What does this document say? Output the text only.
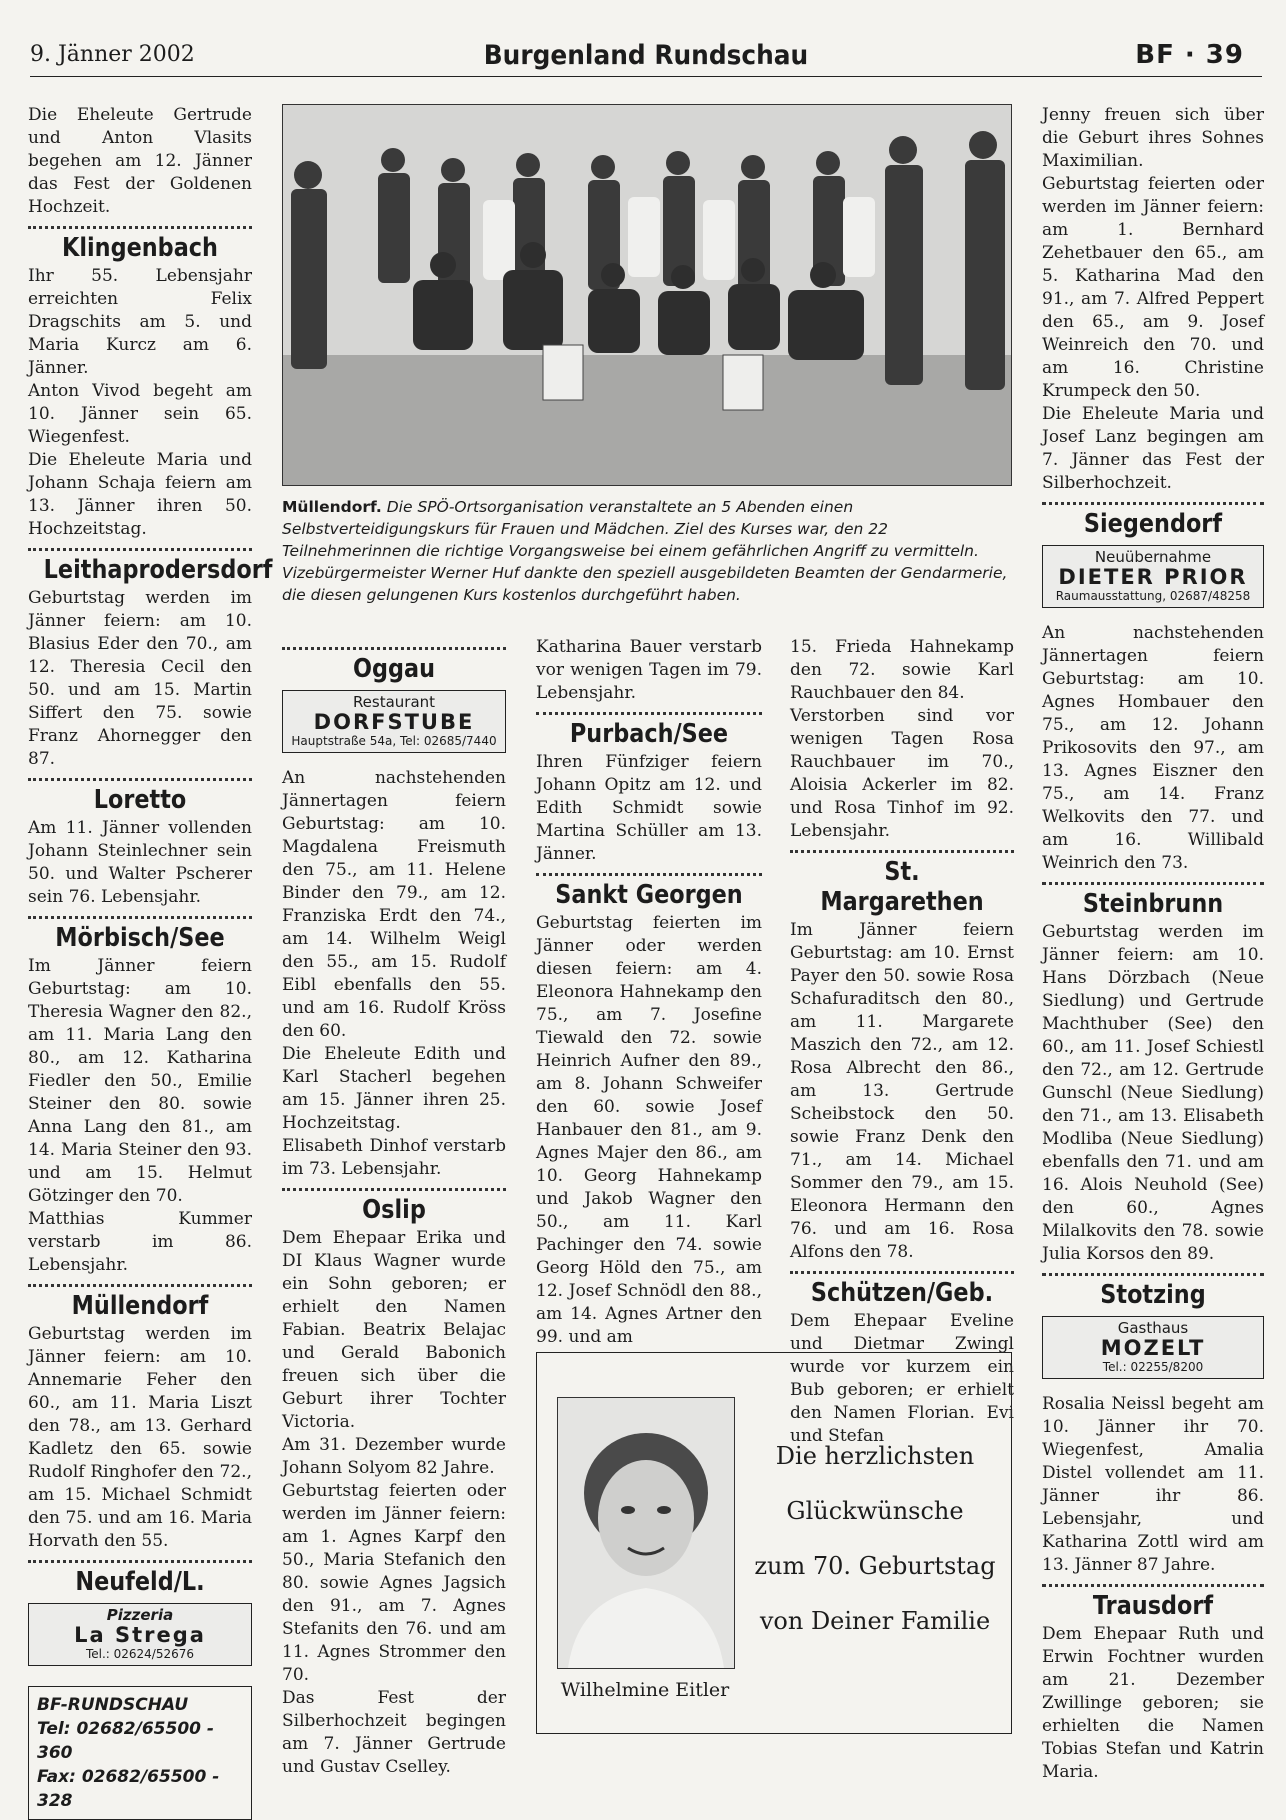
9. Jänner 2002	Burgenland Rundschau	BF · 39

Die Eheleute Gertrude und Anton Vlasits begehen am 12. Jänner das Fest der Goldenen Hochzeit.

Klingenbach

Ihr 55. Lebensjahr erreichten Felix Dragschits am 5. und Maria Kurcz am 6. Jänner.

Anton Vivod begeht am 10. Jänner sein 65. Wiegenfest.

Die Eheleute Maria und Johann Schaja feiern am 13. Jänner ihren 50. Hochzeitstag.

Leithaprodersdorf

Geburtstag werden im Jänner feiern: am 10. Blasius Eder den 70., am 12. Theresia Cecil den 50. und am 15. Martin Siffert den 75. sowie Franz Ahornegger den 87.

Loretto

Am 11. Jänner vollenden Johann Steinlechner sein 50. und Walter Pscherer sein 76. Lebensjahr.

Mörbisch/See

Im Jänner feiern Geburtstag: am 10. Theresia Wagner den 82., am 11. Maria Lang den 80., am 12. Katharina Fiedler den 50., Emilie Steiner den 80. sowie Anna Lang den 81., am 14. Maria Steiner den 93. und am 15. Helmut Götzinger den 70.

Matthias Kummer verstarb im 86. Lebensjahr.

Müllendorf

Geburtstag werden im Jänner feiern: am 10. Annemarie Feher den 60., am 11. Maria Liszt den 78., am 13. Gerhard Kadletz den 65. sowie Rudolf Ringhofer den 72., am 15. Michael Schmidt den 75. und am 16. Maria Horvath den 55.

Neufeld/L.
Pizzeria
La Strega
Tel.: 02624/52676
BF-RUNDSCHAU
Tel: 02682/65500 - 360
Fax: 02682/65500 - 328
Müllendorf. Die SPÖ-Ortsorganisation veranstaltete an 5 Abenden einen Selbstverteidigungskurs für Frauen und Mädchen. Ziel des Kurses war, den 22 Teilnehmerinnen die richtige Vorgangsweise bei einem gefährlichen Angriff zu vermitteln. Vizebürgermeister Werner Huf dankte den speziell ausgebildeten Beamten der Gendarmerie, die diesen gelungenen Kurs kostenlos durchgeführt haben.
Oggau
Restaurant
DORFSTUBE
Hauptstraße 54a, Tel: 02685/7440

An nachstehenden Jännertagen feiern Geburtstag: am 10. Magdalena Freismuth den 75., am 11. Helene Binder den 79., am 12. Franziska Erdt den 74., am 14. Wilhelm Weigl den 55., am 15. Rudolf Eibl ebenfalls den 55. und am 16. Rudolf Kröss den 60.

Die Eheleute Edith und Karl Stacherl begehen am 15. Jänner ihren 25. Hochzeitstag.

Elisabeth Dinhof verstarb im 73. Lebensjahr.

Oslip

Dem Ehepaar Erika und DI Klaus Wagner wurde ein Sohn geboren; er erhielt den Namen Fabian. Beatrix Belajac und Gerald Babonich freuen sich über die Geburt ihrer Tochter Victoria.

Am 31. Dezember wurde Johann Solyom 82 Jahre.

Geburtstag feierten oder werden im Jänner feiern: am 1. Agnes Karpf den 50., Maria Stefanich den 80. sowie Agnes Jagsich den 91., am 7. Agnes Stefanits den 76. und am 11. Agnes Strommer den 70.

Das Fest der Silberhochzeit begingen am 7. Jänner Gertrude und Gustav Cselley.

Katharina Bauer verstarb vor wenigen Tagen im 79. Lebensjahr.

Purbach/See

Ihren Fünfziger feiern Johann Opitz am 12. und Edith Schmidt sowie Martina Schüller am 13. Jänner.

Sankt Georgen

Geburtstag feierten im Jänner oder werden diesen feiern: am 4. Eleonora Hahnekamp den 75., am 7. Josefine Tiewald den 72. sowie Heinrich Aufner den 89., am 8. Johann Schweifer den 60. sowie Josef Hanbauer den 81., am 9. Agnes Majer den 86., am 10. Georg Hahnekamp und Jakob Wagner den 50., am 11. Karl Pachinger den 74. sowie Georg Höld den 75., am 12. Josef Schnödl den 88., am 14. Agnes Artner den 99. und am

15. Frieda Hahnekamp den 72. sowie Karl Rauchbauer den 84.

Verstorben sind vor wenigen Tagen Rosa Rauchbauer im 70., Aloisia Ackerler im 82. und Rosa Tinhof im 92. Lebensjahr.

St. Margarethen

Im Jänner feiern Geburtstag: am 10. Ernst Payer den 50. sowie Rosa Schafuraditsch den 80., am 11. Margarete Maszich den 72., am 12. Rosa Albrecht den 86., am 13. Gertrude Scheibstock den 50. sowie Franz Denk den 71., am 14. Michael Sommer den 79., am 15. Eleonora Hermann den 76. und am 16. Rosa Alfons den 78.

Schützen/Geb.

Dem Ehepaar Eveline und Dietmar Zwingl wurde vor kurzem ein Bub geboren; er erhielt den Namen Florian. Evi und Stefan

Wilhelmine Eitler
Die herzlichsten
Glückwünsche
zum 70. Geburtstag
von Deiner Familie

Jenny freuen sich über die Geburt ihres Sohnes Maximilian.

Geburtstag feierten oder werden im Jänner feiern: am 1. Bernhard Zehetbauer den 65., am 5. Katharina Mad den 91., am 7. Alfred Peppert den 65., am 9. Josef Weinreich den 70. und am 16. Christine Krumpeck den 50.

Die Eheleute Maria und Josef Lanz begingen am 7. Jänner das Fest der Silberhochzeit.

Siegendorf
Neuübernahme
DIETER PRIOR
Raumausstattung, 02687/48258

An nachstehenden Jännertagen feiern Geburtstag: am 10. Agnes Hombauer den 75., am 12. Johann Prikosovits den 97., am 13. Agnes Eiszner den 75., am 14. Franz Welkovits den 77. und am 16. Willibald Weinrich den 73.

Steinbrunn

Geburtstag werden im Jänner feiern: am 10. Hans Dörzbach (Neue Siedlung) und Gertrude Machthuber (See) den 60., am 11. Josef Schiestl den 72., am 12. Gertrude Gunschl (Neue Siedlung) den 71., am 13. Elisabeth Modliba (Neue Siedlung) ebenfalls den 71. und am 16. Alois Neuhold (See) den 60., Agnes Milalkovits den 78. sowie Julia Korsos den 89.

Stotzing
Gasthaus
MOZELT
Tel.: 02255/8200

Rosalia Neissl begeht am 10. Jänner ihr 70. Wiegenfest, Amalia Distel vollendet am 11. Jänner ihr 86. Lebensjahr, und Katharina Zottl wird am 13. Jänner 87 Jahre.

Trausdorf

Dem Ehepaar Ruth und Erwin Fochtner wurden am 21. Dezember Zwillinge geboren; sie erhielten die Namen Tobias Stefan und Katrin Maria.
